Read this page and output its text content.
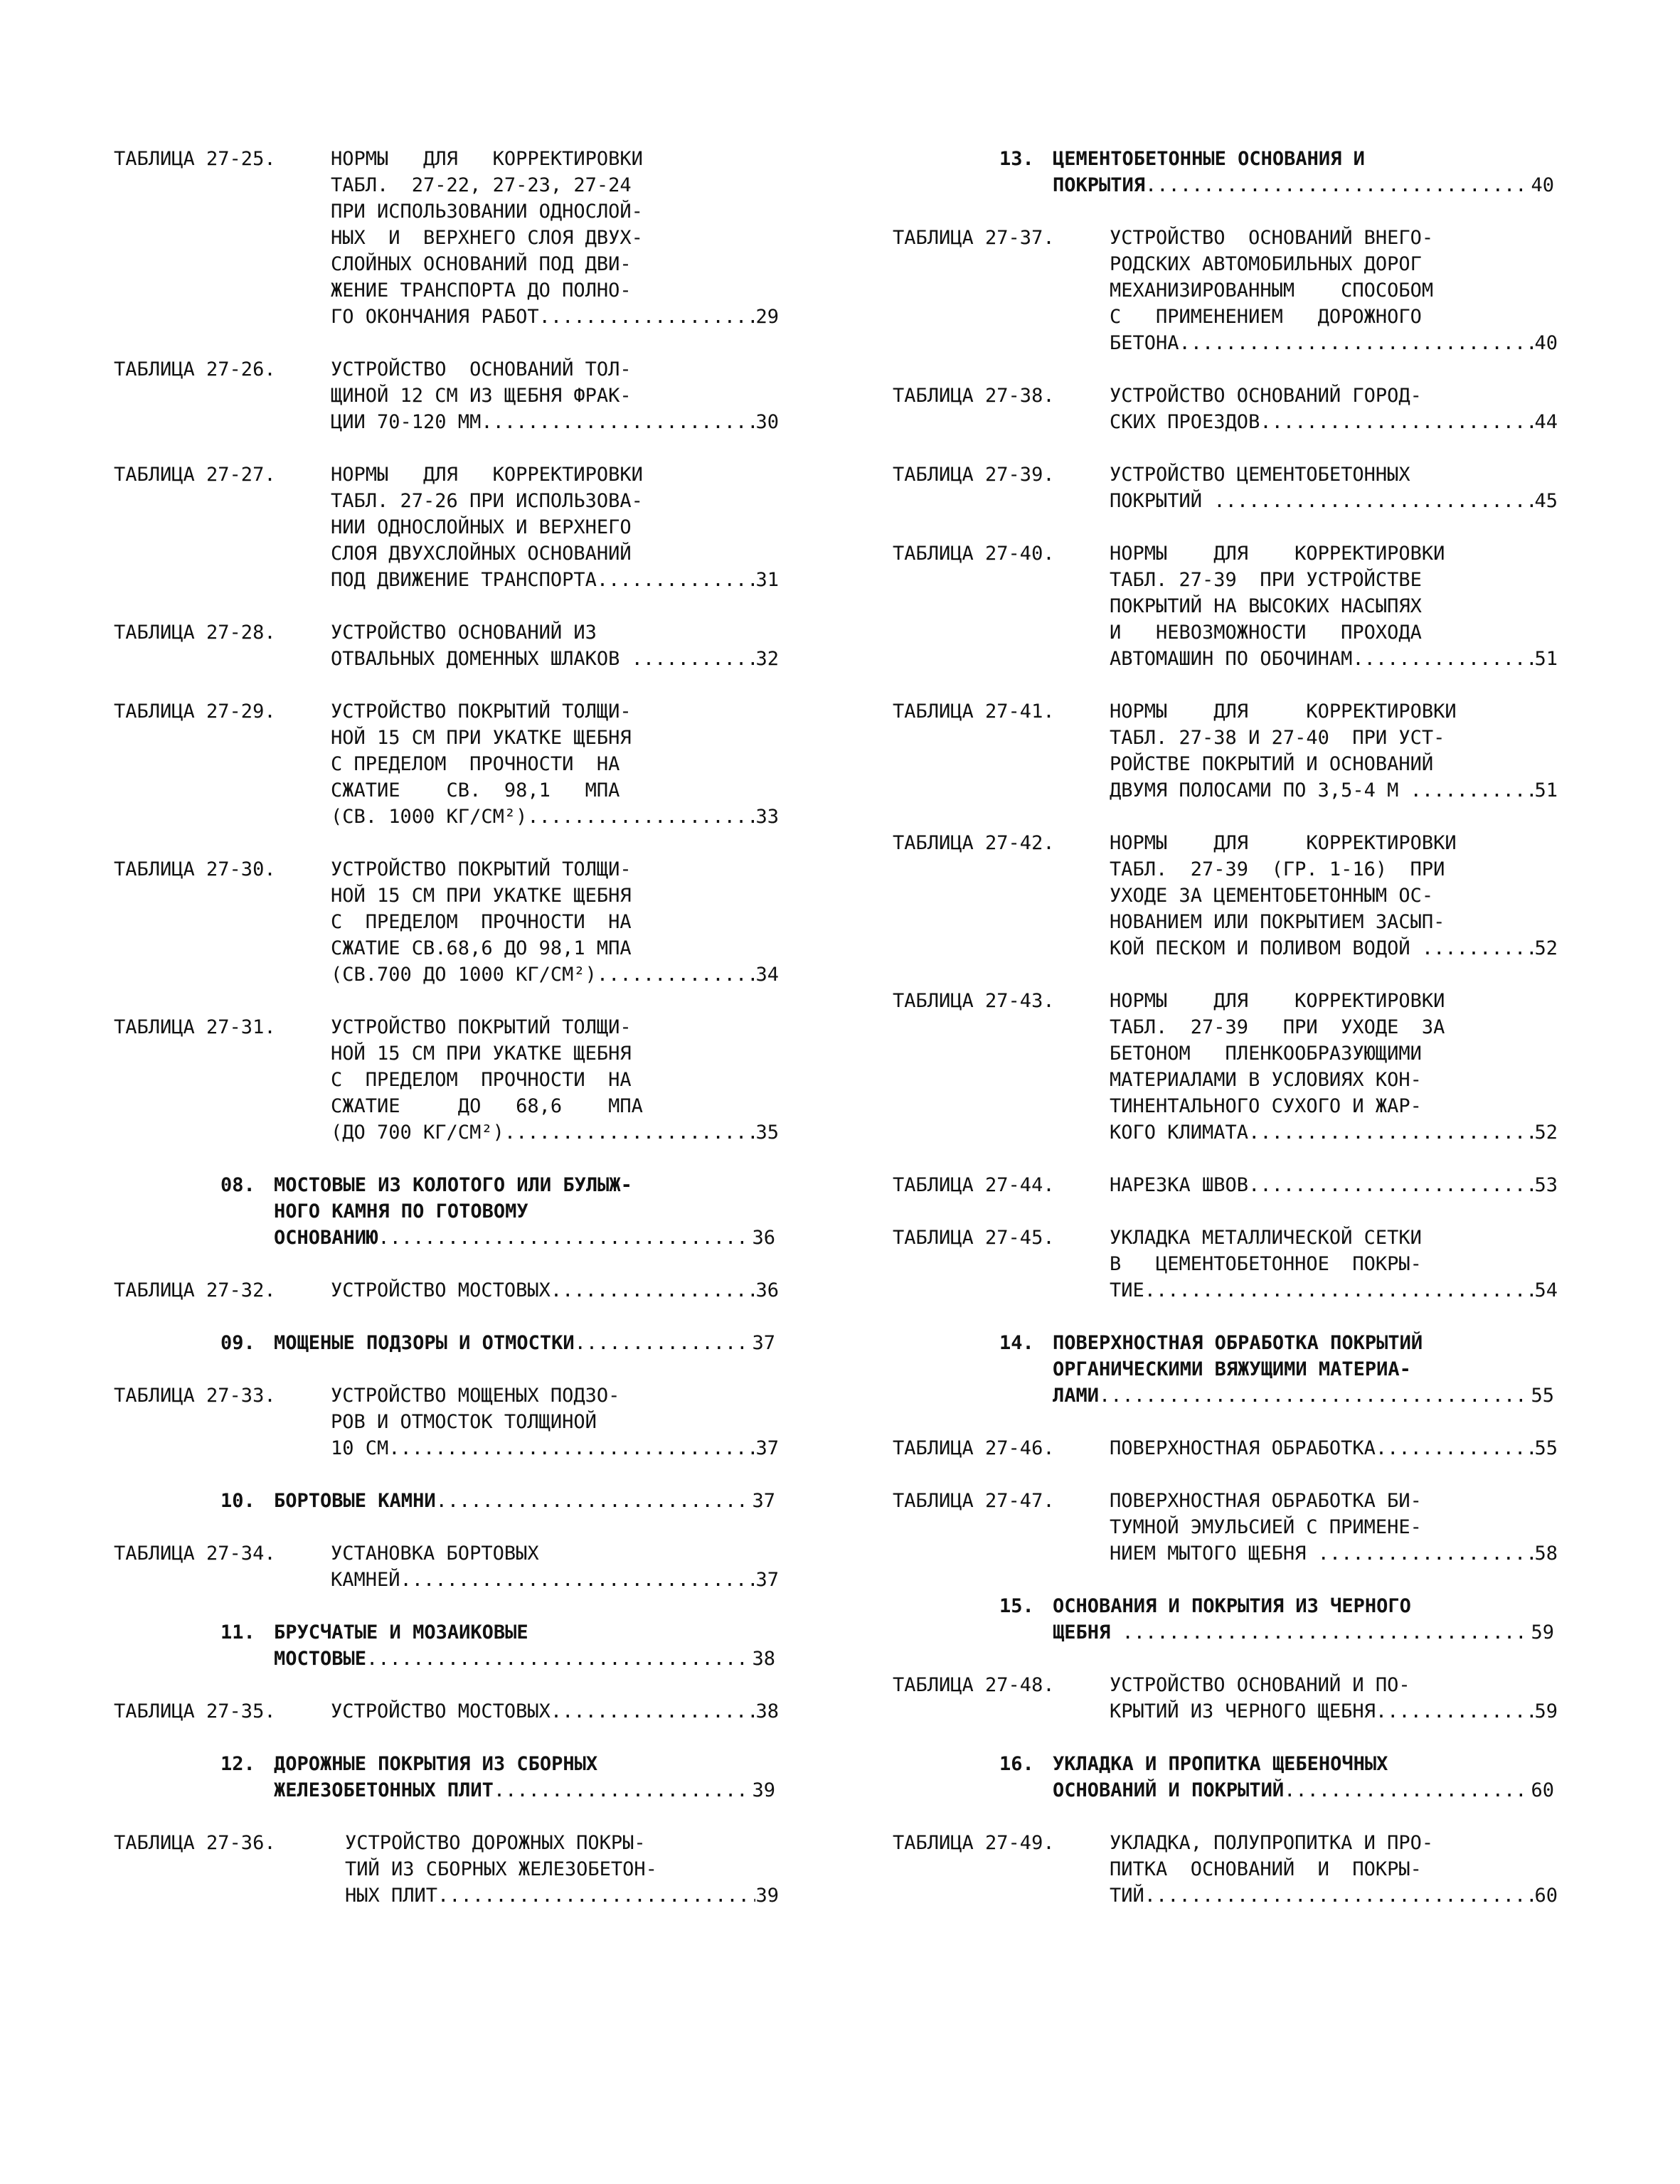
ТАБЛИЦА 27-25.	НОРМЫ   ДЛЯ   КОРРЕКТИРОВКИ
ТАБЛ.  27-22, 27-23, 27-24
ПРИ ИСПОЛЬЗОВАНИИ ОДНОСЛОЙ-
НЫХ  И  ВЕРХНЕГО СЛОЯ ДВУХ-
СЛОЙНЫХ ОСНОВАНИЙ ПОД ДВИ-
ЖЕНИЕ ТРАНСПОРТА ДО ПОЛНО-
ГО ОКОНЧАНИЯ РАБОТ .....	29
ТАБЛИЦА 27-26.	УСТРОЙСТВО  ОСНОВАНИЙ ТОЛ-
ЩИНОЙ 12 СМ ИЗ ЩЕБНЯ ФРАК-
ЦИИ 70-120 ММ .....	30
ТАБЛИЦА 27-27.	НОРМЫ   ДЛЯ   КОРРЕКТИРОВКИ
ТАБЛ. 27-26 ПРИ ИСПОЛЬЗОВА-
НИИ ОДНОСЛОЙНЫХ И ВЕРХНЕГО
СЛОЯ ДВУХСЛОЙНЫХ ОСНОВАНИЙ
ПОД ДВИЖЕНИЕ ТРАНСПОРТА .....	31
ТАБЛИЦА 27-28.	УСТРОЙСТВО ОСНОВАНИЙ ИЗ
ОТВАЛЬНЫХ ДОМЕННЫХ ШЛАКОВ .....	32
ТАБЛИЦА 27-29.	УСТРОЙСТВО ПОКРЫТИЙ ТОЛЩИ-
НОЙ 15 СМ ПРИ УКАТКЕ ЩЕБНЯ
С ПРЕДЕЛОМ  ПРОЧНОСТИ  НА
СЖАТИЕ    СВ.  98,1   МПА
(СВ. 1000 КГ/СМ²) .....	33
ТАБЛИЦА 27-30.	УСТРОЙСТВО ПОКРЫТИЙ ТОЛЩИ-
НОЙ 15 СМ ПРИ УКАТКЕ ЩЕБНЯ
С  ПРЕДЕЛОМ  ПРОЧНОСТИ  НА
СЖАТИЕ СВ.68,6 ДО 98,1 МПА
(СВ.700 ДО 1000 КГ/СМ²) .....	34
ТАБЛИЦА 27-31.	УСТРОЙСТВО ПОКРЫТИЙ ТОЛЩИ-
НОЙ 15 СМ ПРИ УКАТКЕ ЩЕБНЯ
С  ПРЕДЕЛОМ  ПРОЧНОСТИ  НА
СЖАТИЕ     ДО   68,6    МПА
(ДО 700 КГ/СМ²) .....	35
08. МОСТОВЫЕ ИЗ КОЛОТОГО ИЛИ БУЛЫЖ-
НОГО КАМНЯ ПО ГОТОВОМУ
ОСНОВАНИЮ .....	36
ТАБЛИЦА 27-32.	УСТРОЙСТВО МОСТОВЫХ .....	36
09. МОЩЕНЫЕ ПОДЗОРЫ И ОТМОСТКИ .....	37
ТАБЛИЦА 27-33.	УСТРОЙСТВО МОЩЕНЫХ ПОДЗО-
РОВ И ОТМОСТОК ТОЛЩИНОЙ
10 СМ .....	37
10. БОРТОВЫЕ КАМНИ .....	37
ТАБЛИЦА 27-34.	УСТАНОВКА БОРТОВЫХ
КАМНЕЙ .....	37
11. БРУСЧАТЫЕ И МОЗАИКОВЫЕ
МОСТОВЫЕ .....	38
ТАБЛИЦА 27-35.	УСТРОЙСТВО МОСТОВЫХ .....	38
12. ДОРОЖНЫЕ ПОКРЫТИЯ ИЗ СБОРНЫХ
ЖЕЛЕЗОБЕТОННЫХ ПЛИТ .....	39
ТАБЛИЦА 27-36.	УСТРОЙСТВО ДОРОЖНЫХ ПОКРЫ-
ТИЙ ИЗ СБОРНЫХ ЖЕЛЕЗОБЕТОН-
НЫХ ПЛИТ .....	39
13. ЦЕМЕНТОБЕТОННЫЕ ОСНОВАНИЯ И
ПОКРЫТИЯ .....	40
ТАБЛИЦА 27-37.	УСТРОЙСТВО  ОСНОВАНИЙ ВНЕГО-
РОДСКИХ АВТОМОБИЛЬНЫХ ДОРОГ
МЕХАНИЗИРОВАННЫМ    СПОСОБОМ
С   ПРИМЕНЕНИЕМ   ДОРОЖНОГО
БЕТОНА .....	40
ТАБЛИЦА 27-38.	УСТРОЙСТВО ОСНОВАНИЙ ГОРОД-
СКИХ ПРОЕЗДОВ .....	44
ТАБЛИЦА 27-39.	УСТРОЙСТВО ЦЕМЕНТОБЕТОННЫХ
ПОКРЫТИЙ .....	45
ТАБЛИЦА 27-40.	НОРМЫ    ДЛЯ    КОРРЕКТИРОВКИ
ТАБЛ. 27-39  ПРИ УСТРОЙСТВЕ
ПОКРЫТИЙ НА ВЫСОКИХ НАСЫПЯХ
И   НЕВОЗМОЖНОСТИ   ПРОХОДА
АВТОМАШИН ПО ОБОЧИНАМ .....	51
ТАБЛИЦА 27-41.	НОРМЫ    ДЛЯ     КОРРЕКТИРОВКИ
ТАБЛ. 27-38 И 27-40  ПРИ УСТ-
РОЙСТВЕ ПОКРЫТИЙ И ОСНОВАНИЙ
ДВУМЯ ПОЛОСАМИ ПО 3,5-4 М .....	51
ТАБЛИЦА 27-42.	НОРМЫ    ДЛЯ     КОРРЕКТИРОВКИ
ТАБЛ.  27-39  (ГР. 1-16)  ПРИ
УХОДЕ ЗА ЦЕМЕНТОБЕТОННЫМ ОС-
НОВАНИЕМ ИЛИ ПОКРЫТИЕМ ЗАСЫП-
КОЙ ПЕСКОМ И ПОЛИВОМ ВОДОЙ .....	52
ТАБЛИЦА 27-43.	НОРМЫ    ДЛЯ    КОРРЕКТИРОВКИ
ТАБЛ.  27-39   ПРИ  УХОДЕ  ЗА
БЕТОНОМ   ПЛЕНКООБРАЗУЮЩИМИ
МАТЕРИАЛАМИ В УСЛОВИЯХ КОН-
ТИНЕНТАЛЬНОГО СУХОГО И ЖАР-
КОГО КЛИМАТА .....	52
ТАБЛИЦА 27-44.	НАРЕЗКА ШВОВ .....	53
ТАБЛИЦА 27-45.	УКЛАДКА МЕТАЛЛИЧЕСКОЙ СЕТКИ
В   ЦЕМЕНТОБЕТОННОЕ  ПОКРЫ-
ТИЕ .....	54
14. ПОВЕРХНОСТНАЯ ОБРАБОТКА ПОКРЫТИЙ
ОРГАНИЧЕСКИМИ ВЯЖУЩИМИ МАТЕРИА-
ЛАМИ .....	55
ТАБЛИЦА 27-46.	ПОВЕРХНОСТНАЯ ОБРАБОТКА .....	55
ТАБЛИЦА 27-47.	ПОВЕРХНОСТНАЯ ОБРАБОТКА БИ-
ТУМНОЙ ЭМУЛЬСИЕЙ С ПРИМЕНЕ-
НИЕМ МЫТОГО ЩЕБНЯ .....	58
15. ОСНОВАНИЯ И ПОКРЫТИЯ ИЗ ЧЕРНОГО
ЩЕБНЯ .....	59
ТАБЛИЦА 27-48.	УСТРОЙСТВО ОСНОВАНИЙ И ПО-
КРЫТИЙ ИЗ ЧЕРНОГО ЩЕБНЯ .....	59
16. УКЛАДКА И ПРОПИТКА ЩЕБЕНОЧНЫХ
ОСНОВАНИЙ И ПОКРЫТИЙ .....	60
ТАБЛИЦА 27-49.	УКЛАДКА, ПОЛУПРОПИТКА И ПРО-
ПИТКА  ОСНОВАНИЙ  И  ПОКРЫ-
ТИЙ .....	60
